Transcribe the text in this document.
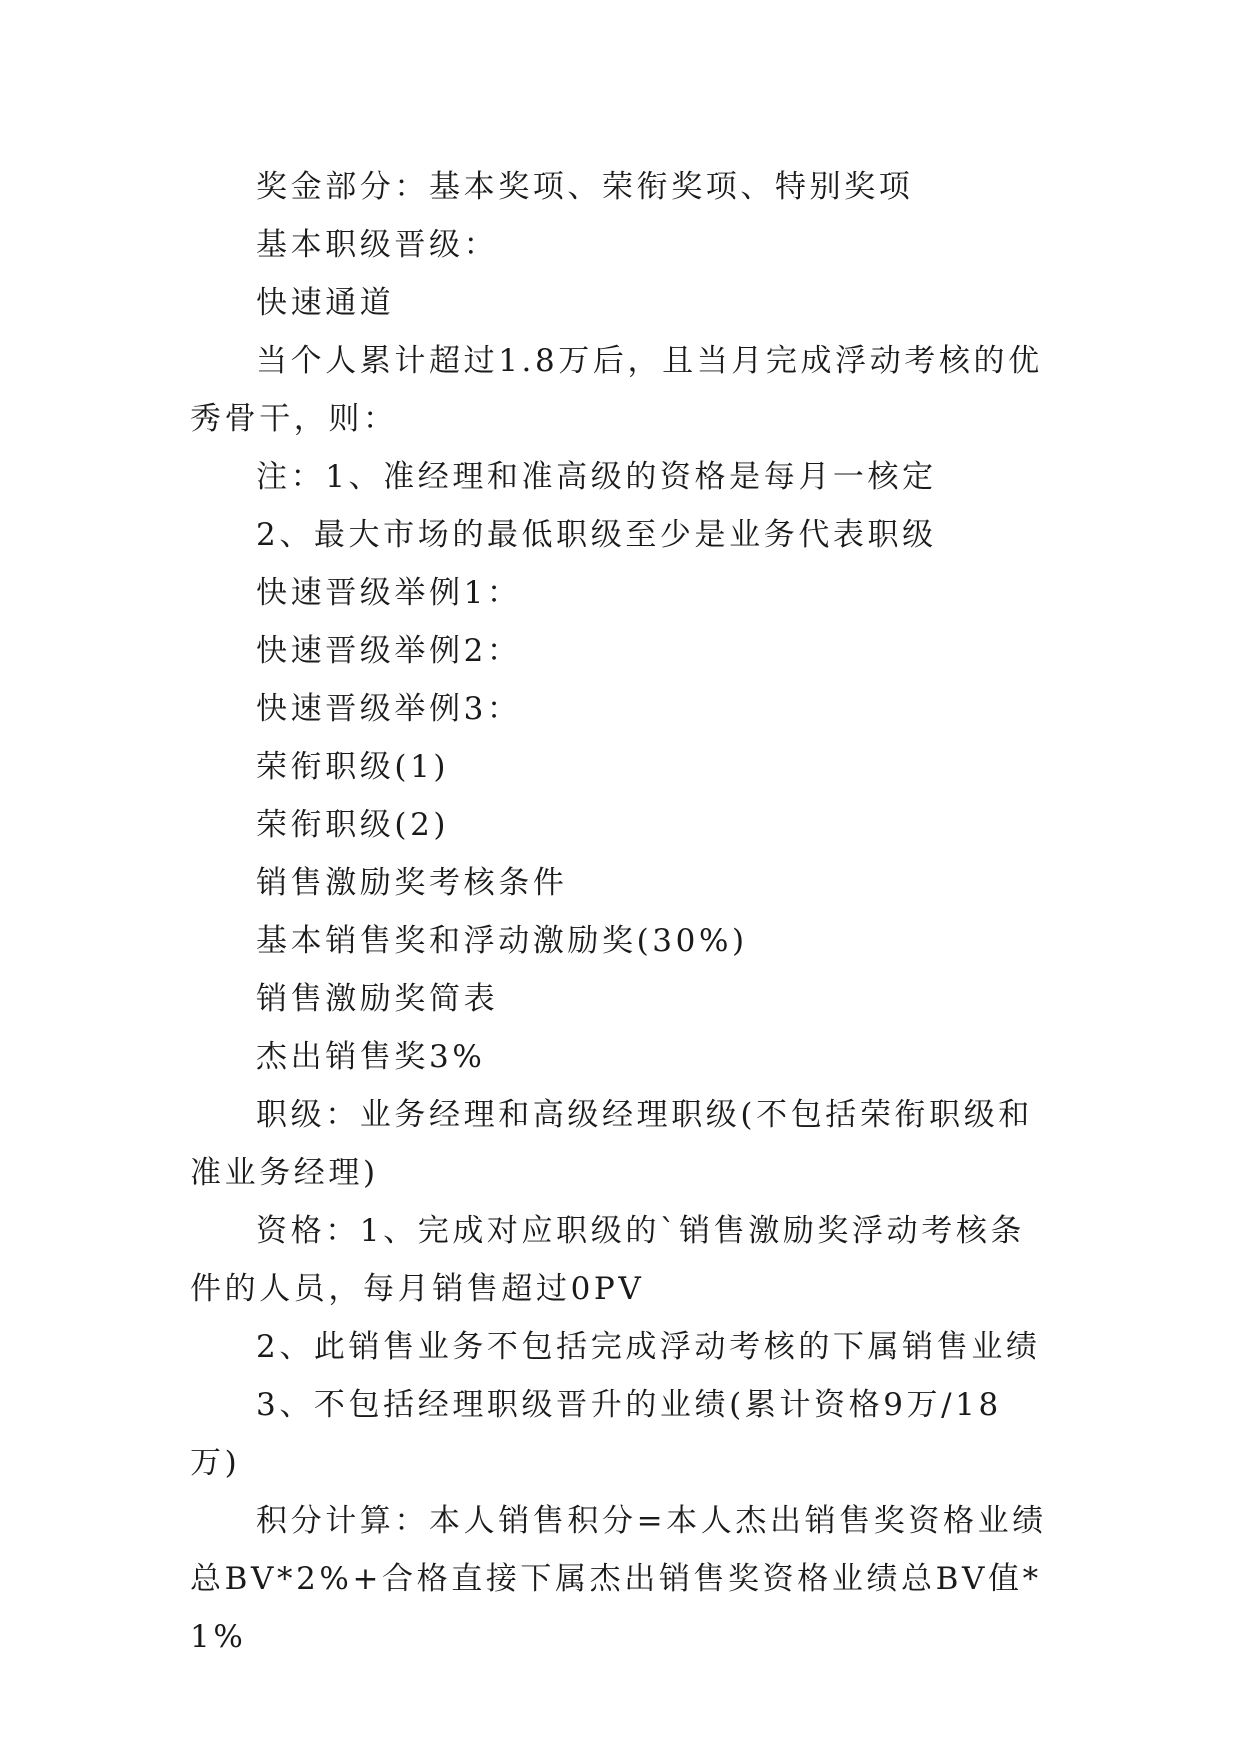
奖金部分：基本奖项、荣衔奖项、特别奖项

基本职级晋级：

快速通道

当个人累计超过1.8万后，且当月完成浮动考核的优秀骨干，则：

注：1、准经理和准高级的资格是每月一核定

2、最大市场的最低职级至少是业务代表职级

快速晋级举例1：

快速晋级举例2：

快速晋级举例3：

荣衔职级(1)

荣衔职级(2)

销售激励奖考核条件

基本销售奖和浮动激励奖(30%)

销售激励奖简表

杰出销售奖3%

职级：业务经理和高级经理职级(不包括荣衔职级和准业务经理)

资格：1、完成对应职级的`销售激励奖浮动考核条件的人员，每月销售超过0PV

2、此销售业务不包括完成浮动考核的下属销售业绩

3、不包括经理职级晋升的业绩(累计资格9万/18万)

积分计算：本人销售积分=本人杰出销售奖资格业绩总BV*2%+合格直接下属杰出销售奖资格业绩总BV值*1%
